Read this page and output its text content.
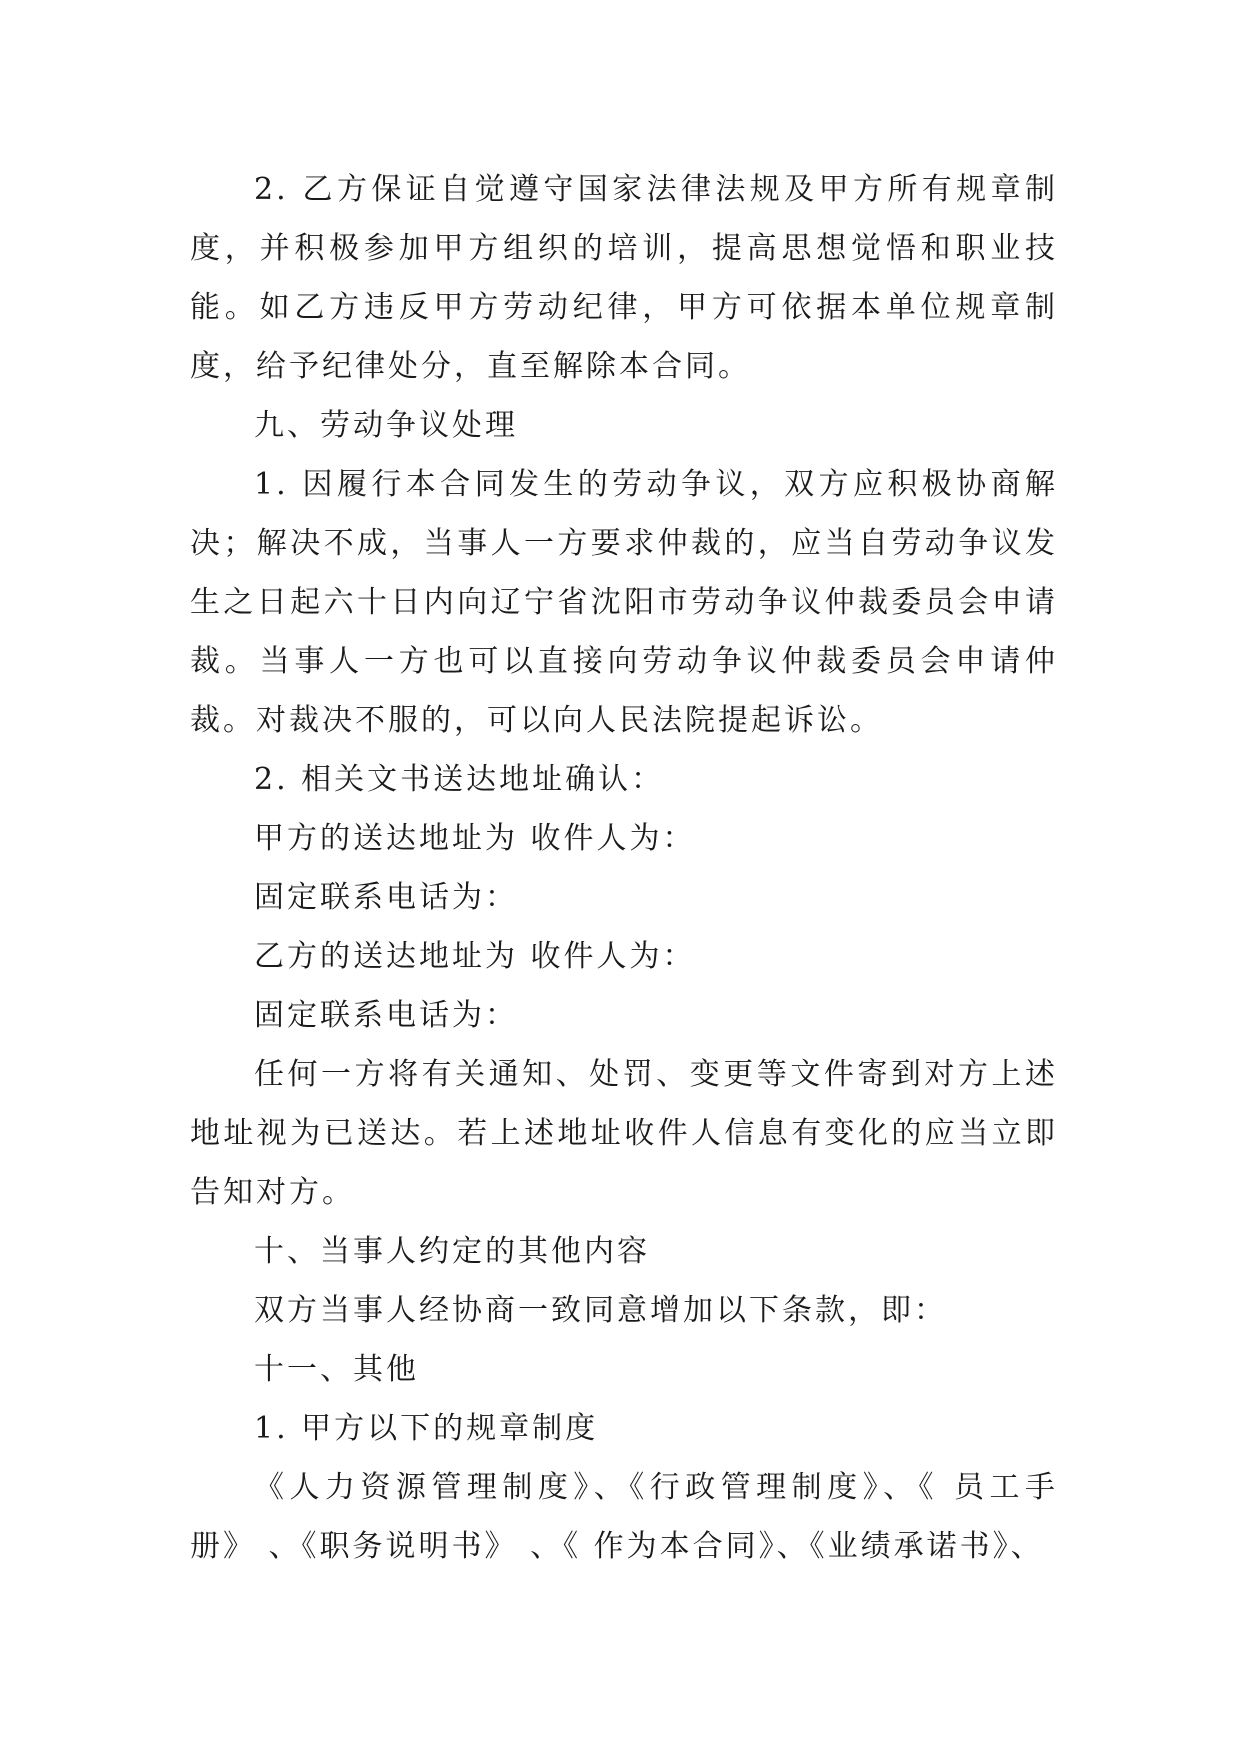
2. 乙方保证自觉遵守国家法律法规及甲方所有规章制度，并积极参加甲方组织的培训，提高思想觉悟和职业技能。如乙方违反甲方劳动纪律，甲方可依据本单位规章制度，给予纪律处分，直至解除本合同。

九、劳动争议处理

1. 因履行本合同发生的劳动争议，双方应积极协商解决；解决不成，当事人一方要求仲裁的，应当自劳动争议发生之日起六十日内向辽宁省沈阳市劳动争议仲裁委员会申请裁。当事人一方也可以直接向劳动争议仲裁委员会申请仲裁。对裁决不服的，可以向人民法院提起诉讼。

2. 相关文书送达地址确认：

甲方的送达地址为 收件人为：

固定联系电话为：

乙方的送达地址为 收件人为：

固定联系电话为：

任何一方将有关通知、处罚、变更等文件寄到对方上述地址视为已送达。若上述地址收件人信息有变化的应当立即告知对方。

十、当事人约定的其他内容

双方当事人经协商一致同意增加以下条款，即：

十一、其他

1. 甲方以下的规章制度

《人力资源管理制度》、《行政管理制度》、《 员工手册》 、《职务说明书》 、《 作为本合同》、《业绩承诺书》、
